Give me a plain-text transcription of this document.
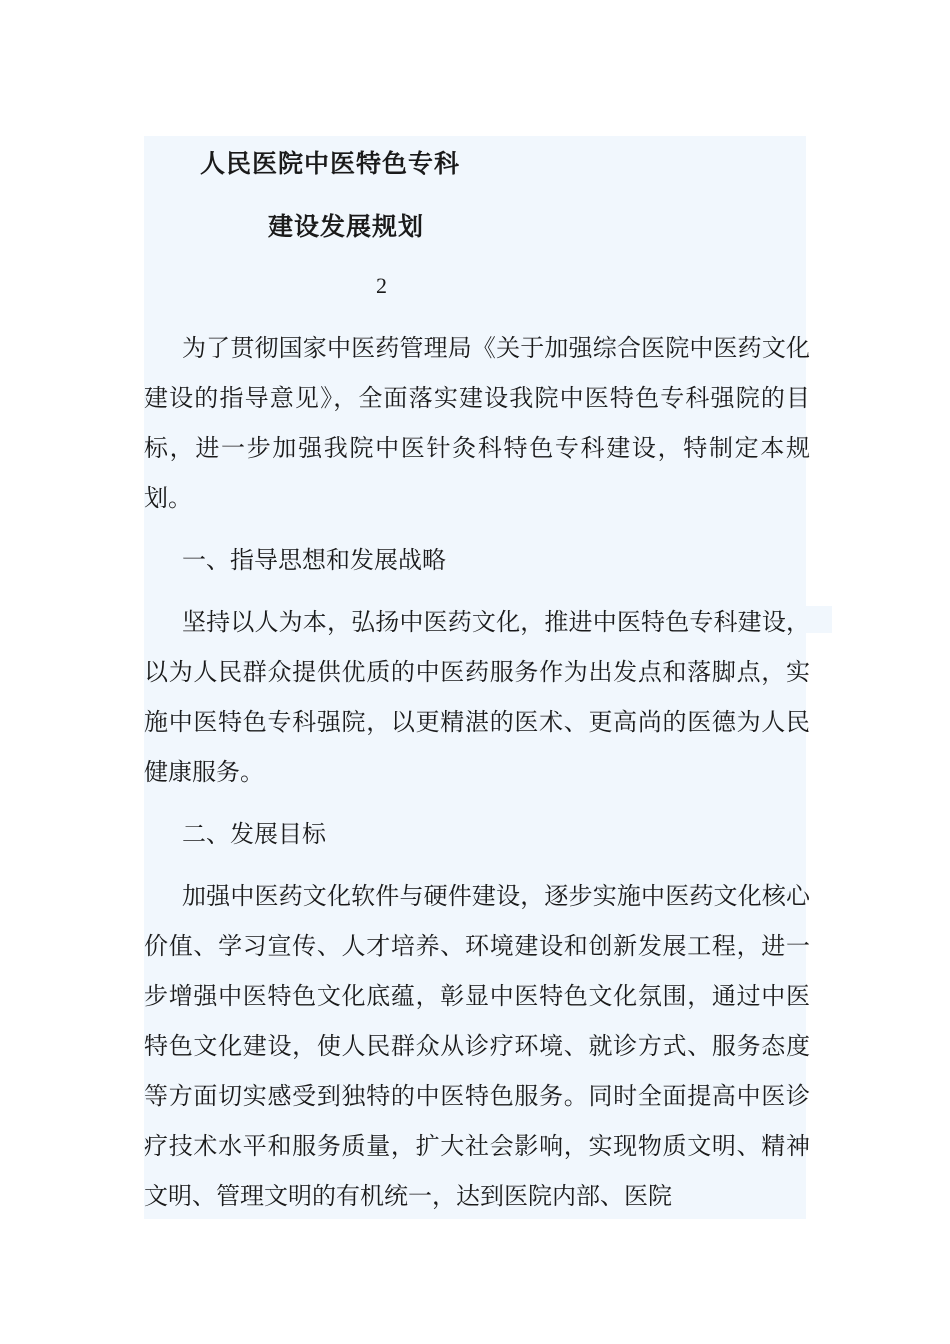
人民医院中医特色专科
建设发展规划
2

为了贯彻国家中医药管理局《关于加强综合医院中医药文化建设的指导意见》，全面落实建设我院中医特色专科强院的目标，进一步加强我院中医针灸科特色专科建设，特制定本规划。

一、指导思想和发展战略

坚持以人为本，弘扬中医药文化，推进中医特色专科建设，以为人民群众提供优质的中医药服务作为出发点和落脚点，实施中医特色专科强院，以更精湛的医术、更高尚的医德为人民健康服务。

二、发展目标

加强中医药文化软件与硬件建设，逐步实施中医药文化核心价值、学习宣传、人才培养、环境建设和创新发展工程，进一步增强中医特色文化底蕴，彰显中医特色文化氛围，通过中医特色文化建设，使人民群众从诊疗环境、就诊方式、服务态度等方面切实感受到独特的中医特色服务。同时全面提高中医诊疗技术水平和服务质量，扩大社会影响，实现物质文明、精神文明、管理文明的有机统一，达到医院内部、医院
